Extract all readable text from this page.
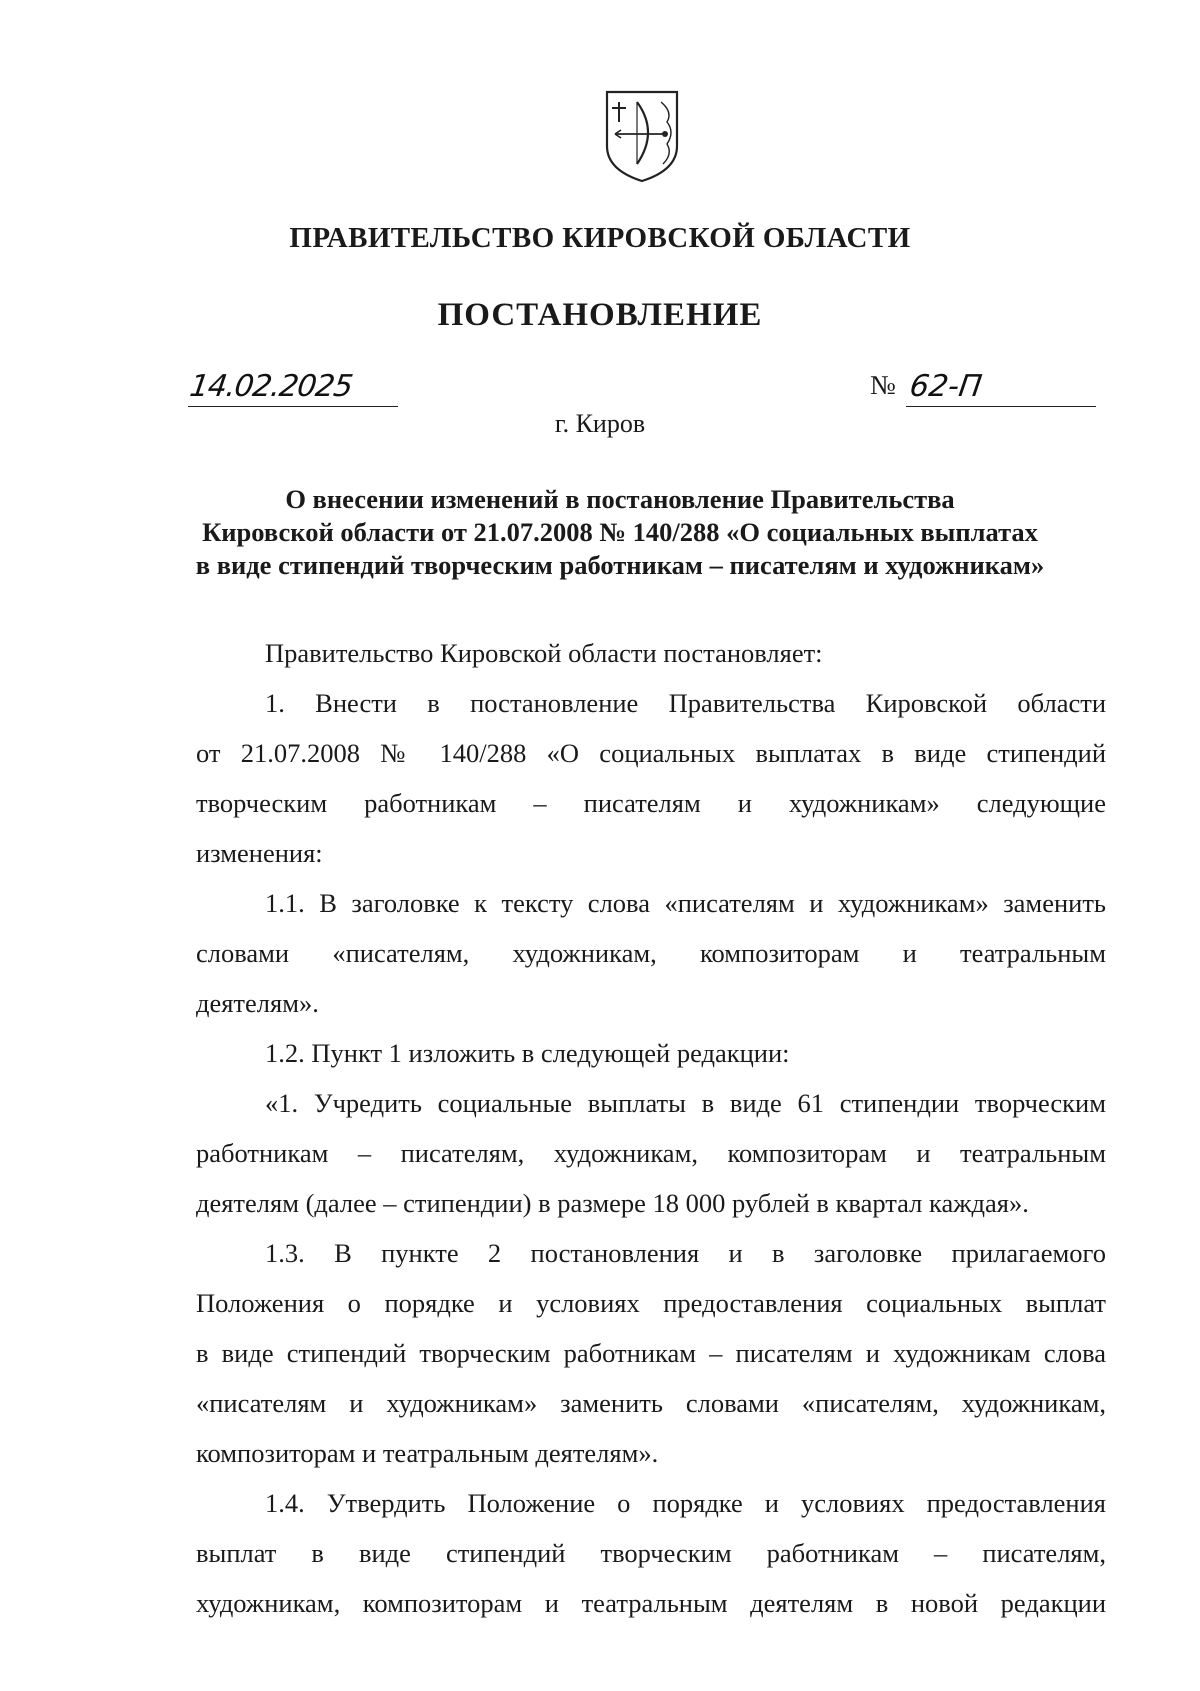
ПРАВИТЕЛЬСТВО КИРОВСКОЙ ОБЛАСТИ
ПОСТАНОВЛЕНИЕ
14.02.2025	№ 62-П
г. Киров
О внесении изменений в постановление Правительства
Кировской области от 21.07.2008 № 140/288 «О социальных выплатах
в виде стипендий творческим работникам – писателям и художникам»
Правительство Кировской области постановляет:
1. Внести в постановление Правительства Кировской области
от 21.07.2008 № 140/288 «О социальных выплатах в виде стипендий
творческим работникам – писателям и художникам» следующие
изменения:
1.1. В заголовке к тексту слова «писателям и художникам» заменить
словами «писателям, художникам, композиторам и театральным
деятелям».
1.2. Пункт 1 изложить в следующей редакции:
«1. Учредить социальные выплаты в виде 61 стипендии творческим
работникам – писателям, художникам, композиторам и театральным
деятелям (далее – стипендии) в размере 18 000 рублей в квартал каждая».
1.3. В пункте 2 постановления и в заголовке прилагаемого
Положения о порядке и условиях предоставления социальных выплат
в виде стипендий творческим работникам – писателям и художникам слова
«писателям и художникам» заменить словами «писателям, художникам,
композиторам и театральным деятелям».
1.4. Утвердить Положение о порядке и условиях предоставления
выплат в виде стипендий творческим работникам – писателям,
художникам, композиторам и театральным деятелям в новой редакции
